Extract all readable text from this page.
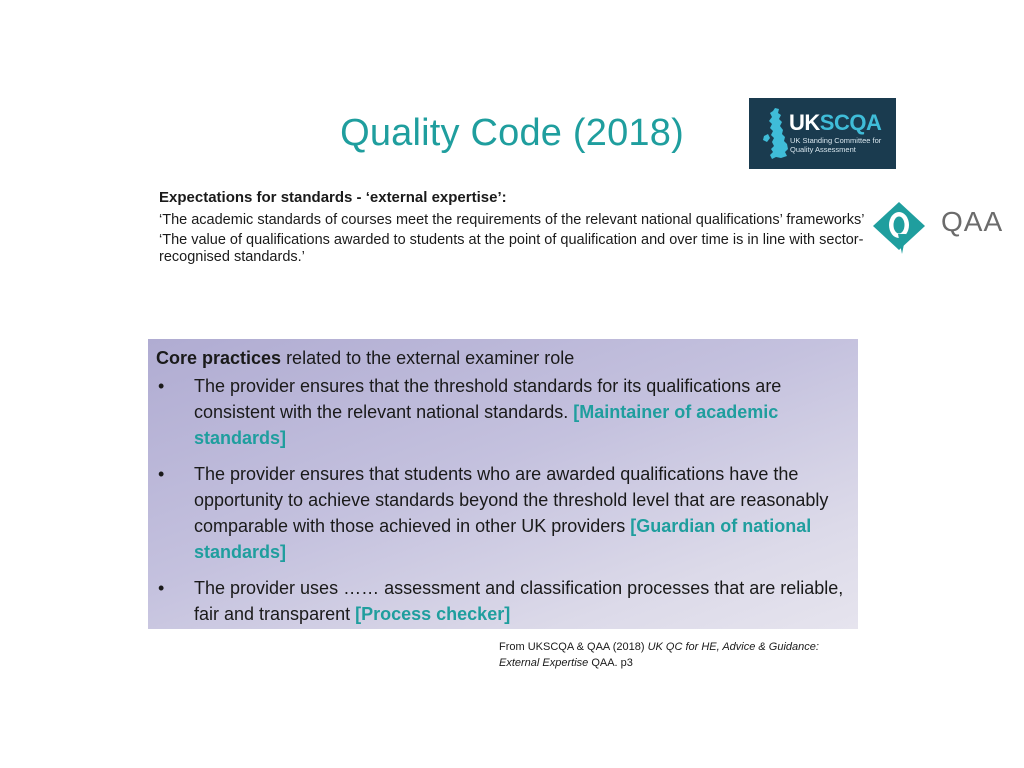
Quality Code (2018)	UKSCQA
UK Standing Committee for Quality Assessment
QAA
Expectations for standards - ‘external expertise’:
‘The academic standards of courses meet the requirements of the relevant national qualifications’ frameworks’
‘The value of qualifications awarded to students at the point of qualification and over time is in line with sector-recognised standards.’
Core practices related to the external examiner role
• The provider ensures that the threshold standards for its qualifications are consistent with the relevant national standards. [Maintainer of academic standards]
• The provider ensures that students who are awarded qualifications have the opportunity to achieve standards beyond the threshold level that are reasonably comparable with those achieved in other UK providers [Guardian of national standards]
• The provider uses …… assessment and classification processes that are reliable, fair and transparent [Process checker]
From UKSCQA & QAA (2018) UK QC for HE, Advice & Guidance: External Expertise QAA. p3
